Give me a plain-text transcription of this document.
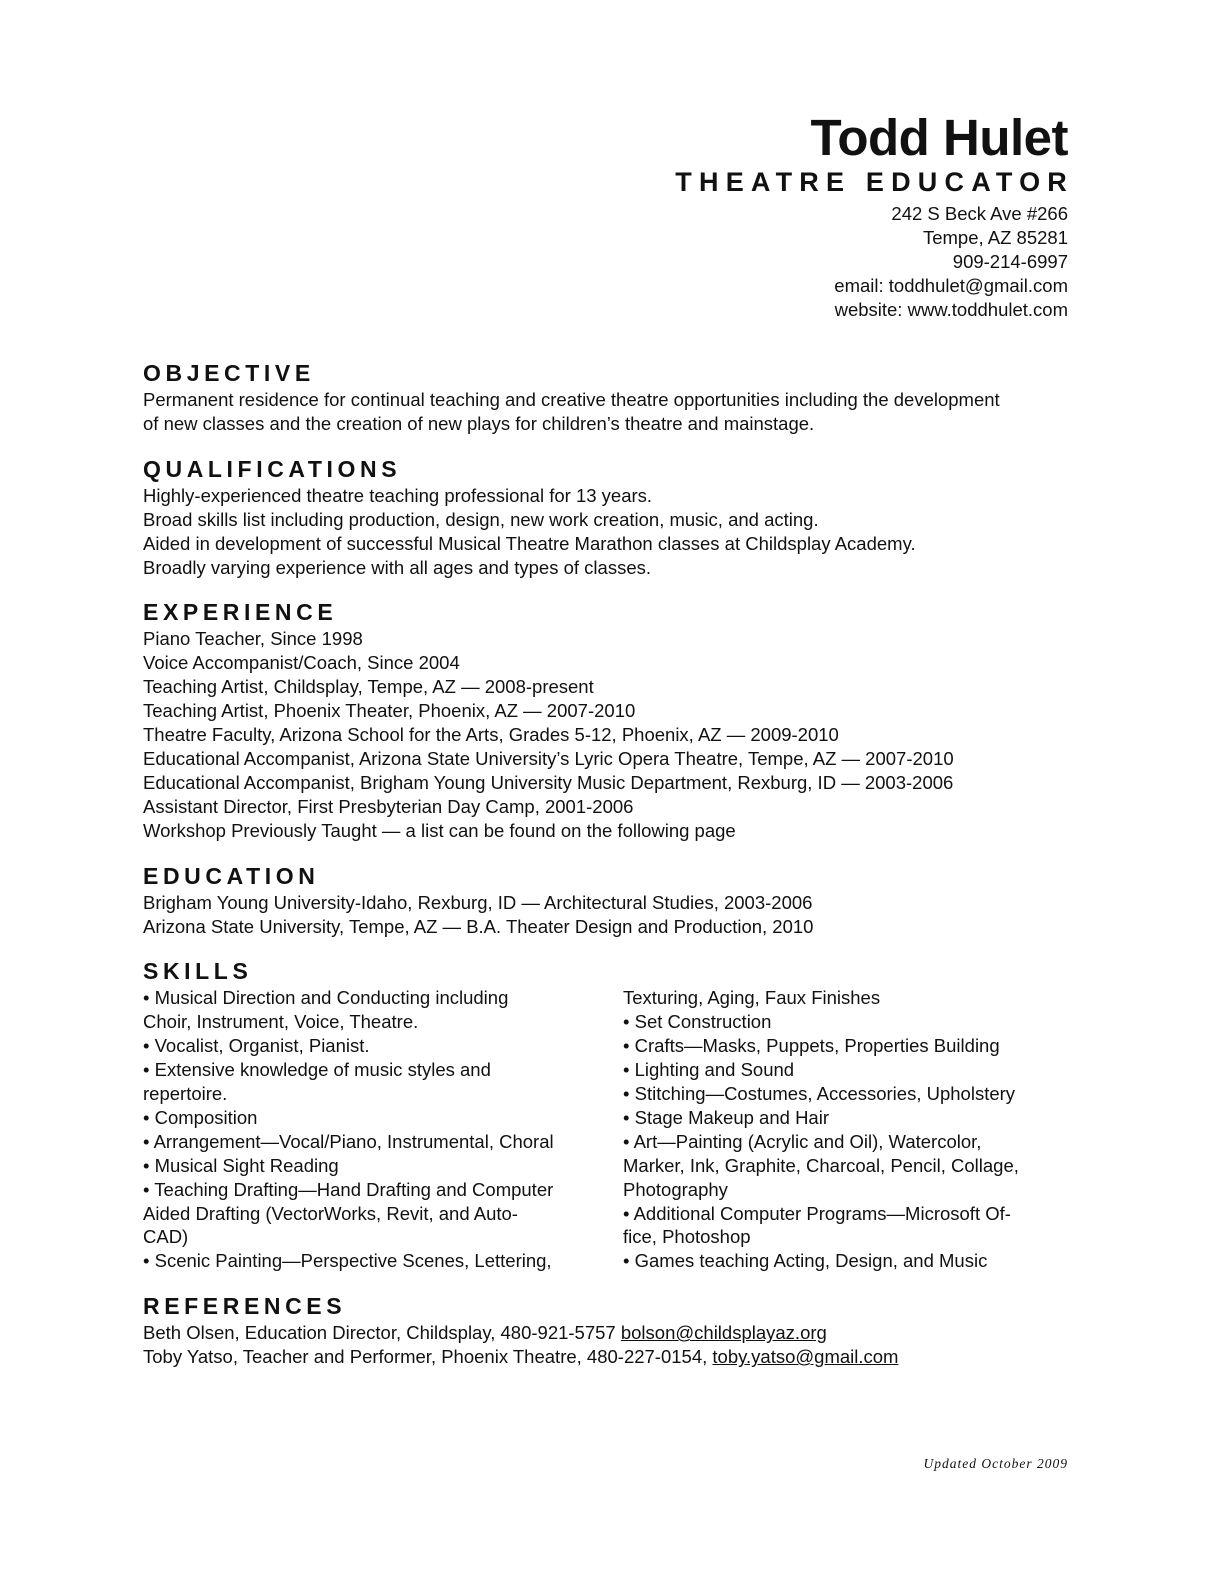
Todd Hulet
THEATRE EDUCATOR
242 S Beck Ave #266
Tempe, AZ 85281
909-214-6997
email: toddhulet@gmail.com
website: www.toddhulet.com
OBJECTIVE
Permanent residence for continual teaching and creative theatre opportunities including the development
of new classes and the creation of new plays for children’s theatre and mainstage.
QUALIFICATIONS
Highly-experienced theatre teaching professional for 13 years.
Broad skills list including production, design, new work creation, music, and acting.
Aided in development of successful Musical Theatre Marathon classes at Childsplay Academy.
Broadly varying experience with all ages and types of classes.
EXPERIENCE
Piano Teacher, Since 1998
Voice Accompanist/Coach, Since 2004
Teaching Artist, Childsplay, Tempe, AZ — 2008-present
Teaching Artist, Phoenix Theater, Phoenix, AZ — 2007-2010
Theatre Faculty, Arizona School for the Arts, Grades 5-12, Phoenix, AZ — 2009-2010
Educational Accompanist, Arizona State University’s Lyric Opera Theatre, Tempe, AZ — 2007-2010
Educational Accompanist, Brigham Young University Music Department, Rexburg, ID — 2003-2006
Assistant Director, First Presbyterian Day Camp, 2001-2006
Workshop Previously Taught — a list can be found on the following page
EDUCATION
Brigham Young University-Idaho, Rexburg, ID — Architectural Studies, 2003-2006
Arizona State University, Tempe, AZ — B.A. Theater Design and Production, 2010
SKILLS
• Musical Direction and Conducting including
Choir, Instrument, Voice, Theatre.
• Vocalist, Organist, Pianist.
• Extensive knowledge of music styles and
repertoire.
• Composition
• Arrangement—Vocal/Piano, Instrumental, Choral
• Musical Sight Reading
• Teaching Drafting—Hand Drafting and Computer
Aided Drafting (VectorWorks, Revit, and Auto-
CAD)
• Scenic Painting—Perspective Scenes, Lettering,
Texturing, Aging, Faux Finishes
• Set Construction
• Crafts—Masks, Puppets, Properties Building
• Lighting and Sound
• Stitching—Costumes, Accessories, Upholstery
• Stage Makeup and Hair
• Art—Painting (Acrylic and Oil), Watercolor,
Marker, Ink, Graphite, Charcoal, Pencil, Collage,
Photography
• Additional Computer Programs—Microsoft Of-
fice, Photoshop
• Games teaching Acting, Design, and Music
REFERENCES
Beth Olsen, Education Director, Childsplay, 480-921-5757 bolson@childsplayaz.org
Toby Yatso, Teacher and Performer, Phoenix Theatre, 480-227-0154, toby.yatso@gmail.com
Updated October 2009
